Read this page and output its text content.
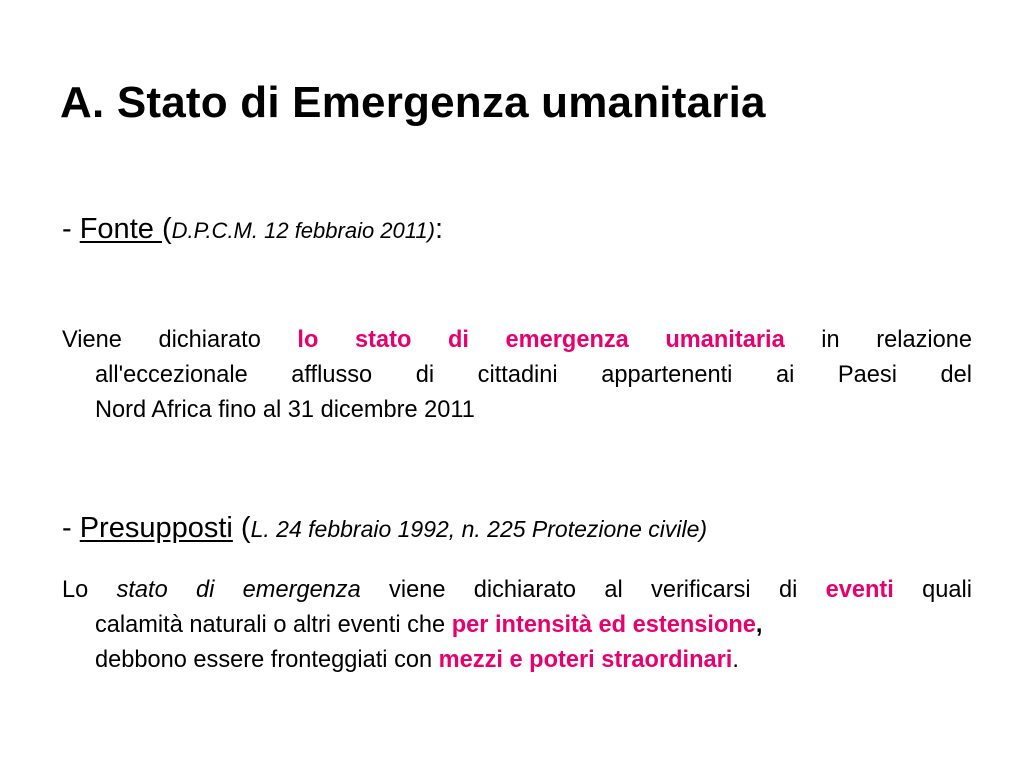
A. Stato di Emergenza umanitaria
- Fonte (D.P.C.M. 12 febbraio 2011):
Viene dichiarato lo stato di emergenza umanitaria in relazione
all'eccezionale afflusso di cittadini appartenenti ai Paesi del
Nord Africa fino al 31 dicembre 2011
- Presupposti (L. 24 febbraio 1992, n. 225 Protezione civile)
Lo stato di emergenza viene dichiarato al verificarsi di eventi quali
calamità naturali o altri eventi che per intensità ed estensione,
debbono essere fronteggiati con mezzi e poteri straordinari.
